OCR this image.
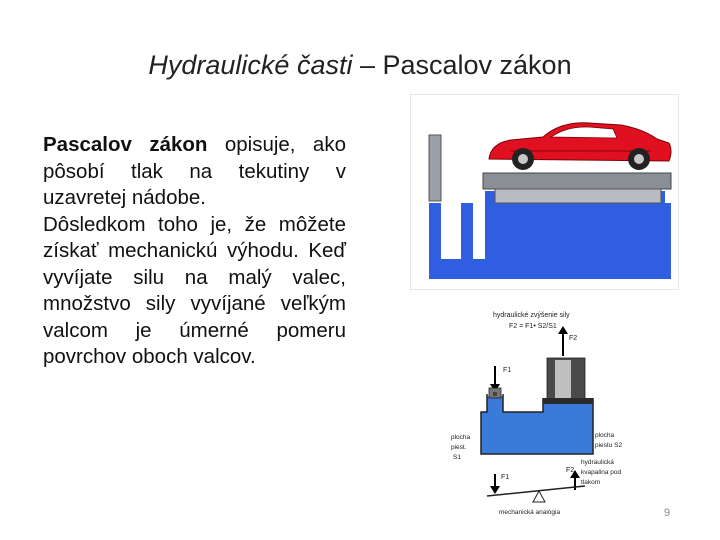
Hydraulické časti – Pascalov zákon

Pascalov zákon opisuje, ako pôsobí tlak na tekutiny v uzavretej nádobe.

Dôsledkom toho je, že môžete získať mechanickú výhodu. Keď vyvíjate silu na malý valec, množstvo sily vyvíjané veľkým valcom je úmerné pomeru povrchov oboch valcov.

hydraulické zvýšenie sily
F2 = F1• S2/S1
F2
F1
plocha
piest.
S1
plocha
piestu S2
hydraulická
kvapalina pod
tlakom
F1
F2
mechanická analógia	9
